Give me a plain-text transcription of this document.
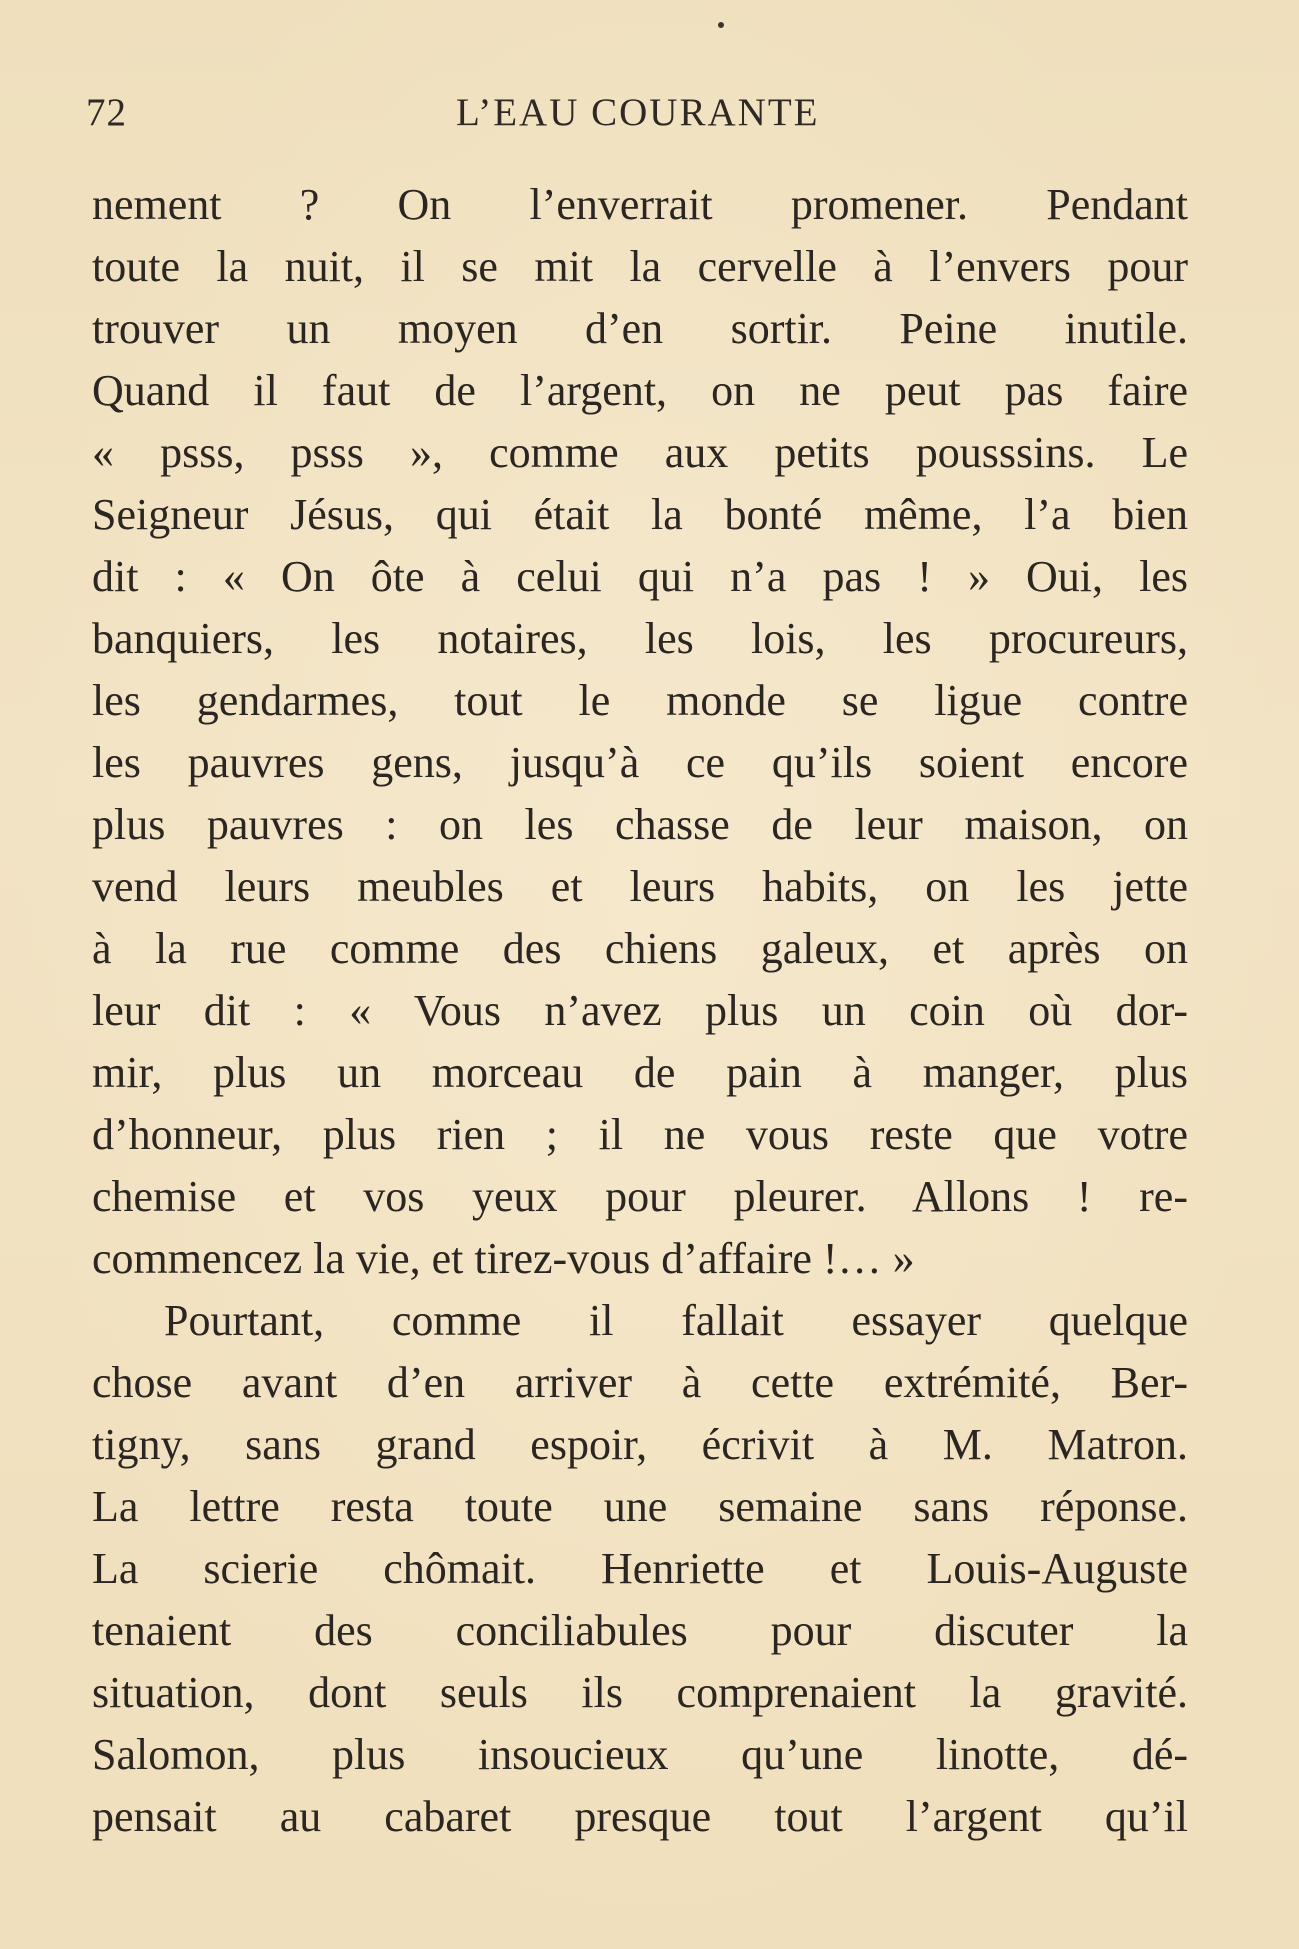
72	L’EAU COURANTE
nement ? On l’enverrait promener. Pendant
toute la nuit, il se mit la cervelle à l’envers pour
trouver un moyen d’en sortir. Peine inutile.
Quand il faut de l’argent, on ne peut pas faire
« psss, psss », comme aux petits pousssins. Le
Seigneur Jésus, qui était la bonté même, l’a bien
dit : « On ôte à celui qui n’a pas ! » Oui, les
banquiers, les notaires, les lois, les procureurs,
les gendarmes, tout le monde se ligue contre
les pauvres gens, jusqu’à ce qu’ils soient encore
plus pauvres : on les chasse de leur maison, on
vend leurs meubles et leurs habits, on les jette
à la rue comme des chiens galeux, et après on
leur dit : « Vous n’avez plus un coin où dor-
mir, plus un morceau de pain à manger, plus
d’honneur, plus rien ; il ne vous reste que votre
chemise et vos yeux pour pleurer. Allons ! re-
commencez la vie, et tirez-vous d’affaire !… »
Pourtant, comme il fallait essayer quelque
chose avant d’en arriver à cette extrémité, Ber-
tigny, sans grand espoir, écrivit à M. Matron.
La lettre resta toute une semaine sans réponse.
La scierie chômait. Henriette et Louis-Auguste
tenaient des conciliabules pour discuter la
situation, dont seuls ils comprenaient la gravité.
Salomon, plus insoucieux qu’une linotte, dé-
pensait au cabaret presque tout l’argent qu’il
